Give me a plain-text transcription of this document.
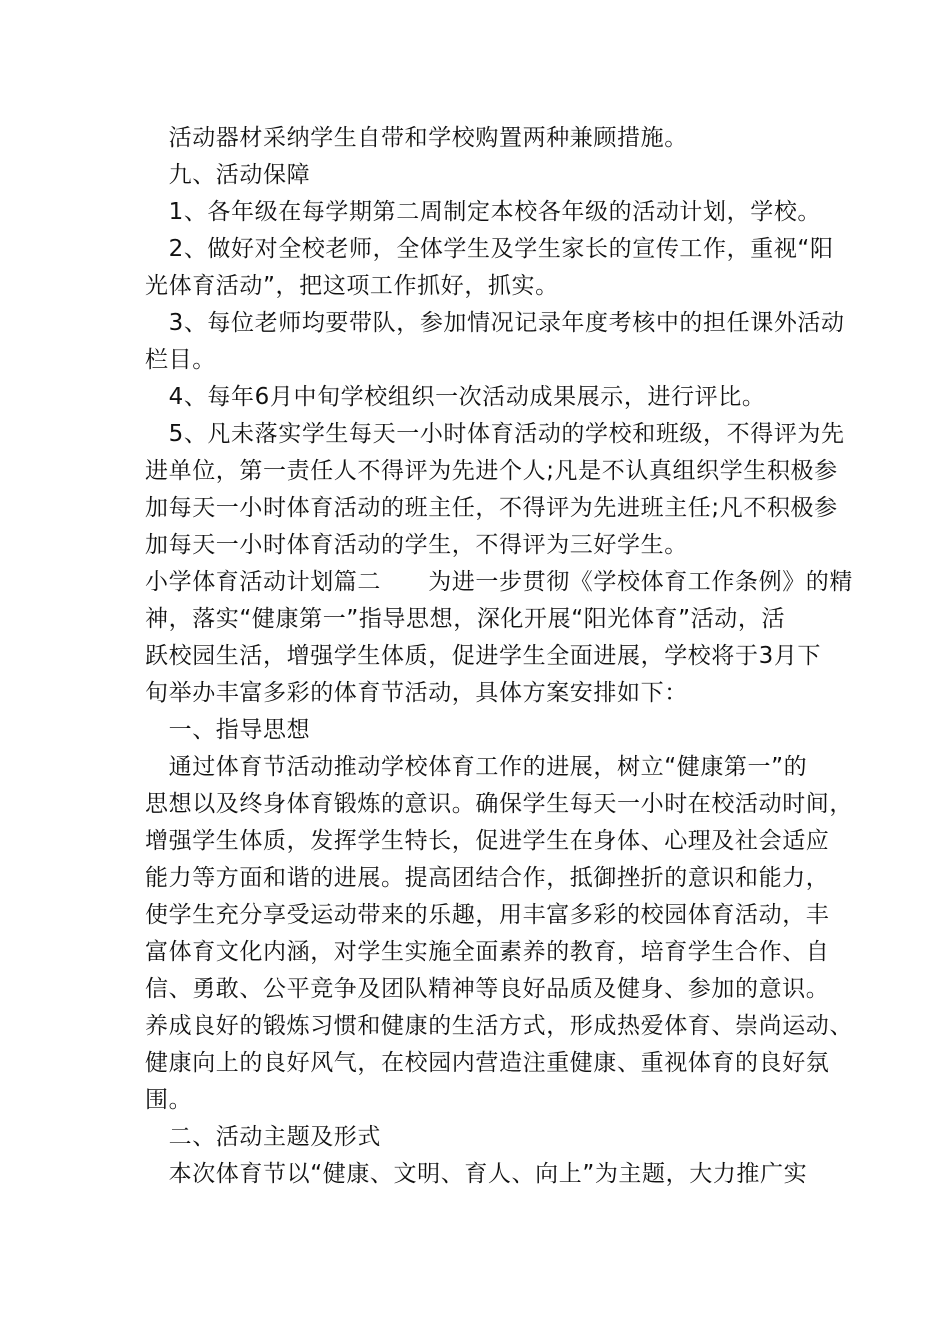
　活动器材采纳学生自带和学校购置两种兼顾措施。
　九、活动保障
　1、各年级在每学期第二周制定本校各年级的活动计划，学校。
　2、做好对全校老师，全体学生及学生家长的宣传工作，重视“阳
光体育活动”，把这项工作抓好，抓实。
　3、每位老师均要带队，参加情况记录年度考核中的担任课外活动
栏目。
　4、每年6月中旬学校组织一次活动成果展示，进行评比。
　5、凡未落实学生每天一小时体育活动的学校和班级，不得评为先
进单位，第一责任人不得评为先进个人;凡是不认真组织学生积极参
加每天一小时体育活动的班主任，不得评为先进班主任;凡不积极参
加每天一小时体育活动的学生，不得评为三好学生。
小学体育活动计划篇二　　为进一步贯彻《学校体育工作条例》的精
神，落实“健康第一”指导思想，深化开展“阳光体育”活动，活
跃校园生活，增强学生体质，促进学生全面进展，学校将于3月下
旬举办丰富多彩的体育节活动，具体方案安排如下：
　一、指导思想
　通过体育节活动推动学校体育工作的进展，树立“健康第一”的
思想以及终身体育锻炼的意识。确保学生每天一小时在校活动时间，
增强学生体质，发挥学生特长，促进学生在身体、心理及社会适应
能力等方面和谐的进展。提高团结合作，抵御挫折的意识和能力，
使学生充分享受运动带来的乐趣，用丰富多彩的校园体育活动，丰
富体育文化内涵，对学生实施全面素养的教育，培育学生合作、自
信、勇敢、公平竞争及团队精神等良好品质及健身、参加的意识。
养成良好的锻炼习惯和健康的生活方式，形成热爱体育、崇尚运动、
健康向上的良好风气，在校园内营造注重健康、重视体育的良好氛
围。
　二、活动主题及形式
　本次体育节以“健康、文明、育人、向上”为主题，大力推广实
